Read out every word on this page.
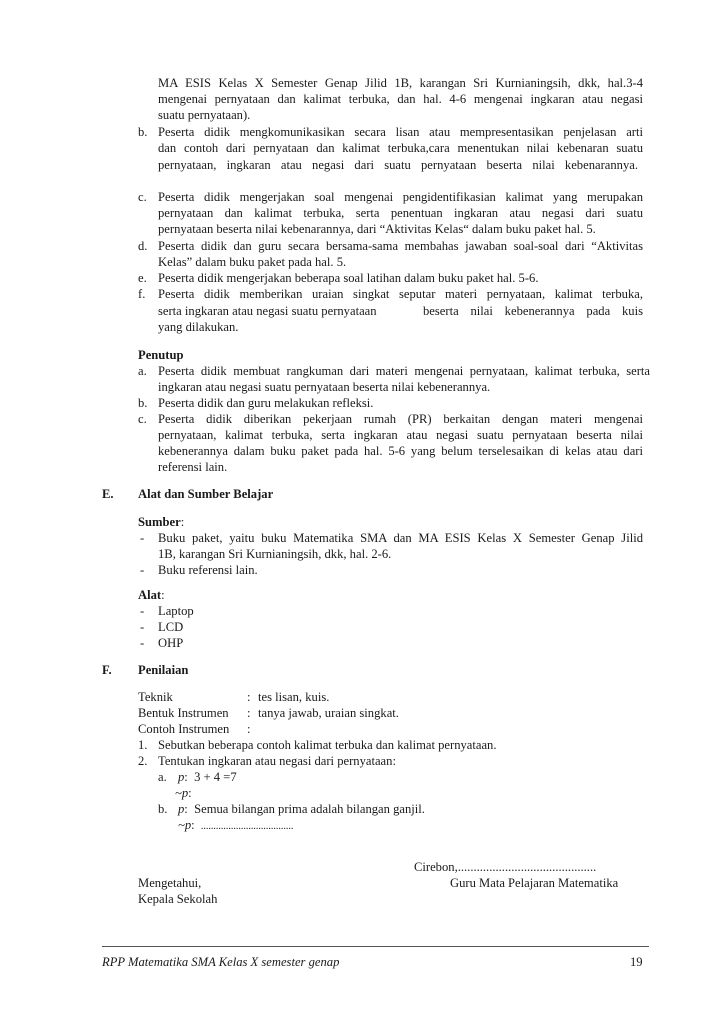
MA ESIS Kelas X Semester Genap Jilid 1B, karangan Sri Kurnianingsih, dkk, hal.3-4
mengenai pernyataan dan kalimat terbuka, dan hal. 4-6 mengenai ingkaran atau negasi
suatu pernyataan).
b. Peserta didik mengkomunikasikan secara lisan atau mempresentasikan penjelasan arti
dan contoh dari pernyataan dan kalimat terbuka,cara menentukan nilai kebenaran suatu
pernyataan, ingkaran atau negasi dari suatu pernyataan beserta nilai kebenarannya.
c. Peserta didik mengerjakan soal mengenai pengidentifikasian kalimat yang merupakan
pernyataan dan kalimat terbuka, serta penentuan ingkaran atau negasi dari suatu
pernyataan beserta nilai kebenarannya, dari “Aktivitas Kelas“ dalam buku paket hal. 5.
d. Peserta didik dan guru secara bersama-sama membahas jawaban soal-soal dari “Aktivitas
Kelas” dalam buku paket pada hal. 5.
e. Peserta didik mengerjakan beberapa soal latihan dalam buku paket hal. 5-6.
f. Peserta didik memberikan uraian singkat seputar materi pernyataan, kalimat terbuka,
serta ingkaran atau negasi suatu pernyataan	beserta nilai kebenerannya pada kuis
yang dilakukan.
Penutup
a. Peserta didik membuat rangkuman dari materi mengenai pernyataan, kalimat terbuka, serta
ingkaran atau negasi suatu pernyataan beserta nilai kebenerannya.
b. Peserta didik dan guru melakukan refleksi.
c. Peserta didik diberikan pekerjaan rumah (PR) berkaitan dengan materi mengenai
pernyataan, kalimat terbuka, serta ingkaran atau negasi suatu pernyataan beserta nilai
kebenerannya dalam buku paket pada hal. 5-6 yang belum terselesaikan di kelas atau dari
referensi lain.
E. Alat dan Sumber Belajar
Sumber:
- Buku paket, yaitu buku Matematika SMA dan MA ESIS Kelas X Semester Genap Jilid
1B, karangan Sri Kurnianingsih, dkk, hal. 2-6.
- Buku referensi lain.
Alat:
- Laptop
- LCD
- OHP
F. Penilaian
Teknik	: tes lisan, kuis.
Bentuk Instrumen : tanya jawab, uraian singkat.
Contoh Instrumen :
1. Sebutkan beberapa contoh kalimat terbuka dan kalimat pernyataan.
2. Tentukan ingkaran atau negasi dari pernyataan:
a. p: 3 + 4 =7
~p:
b. p: Semua bilangan prima adalah bilangan ganjil.
~p: .....................................
Cirebon,............................................
Mengetahui,	Guru Mata Pelajaran Matematika
Kepala Sekolah
RPP Matematika SMA Kelas X semester genap	19
